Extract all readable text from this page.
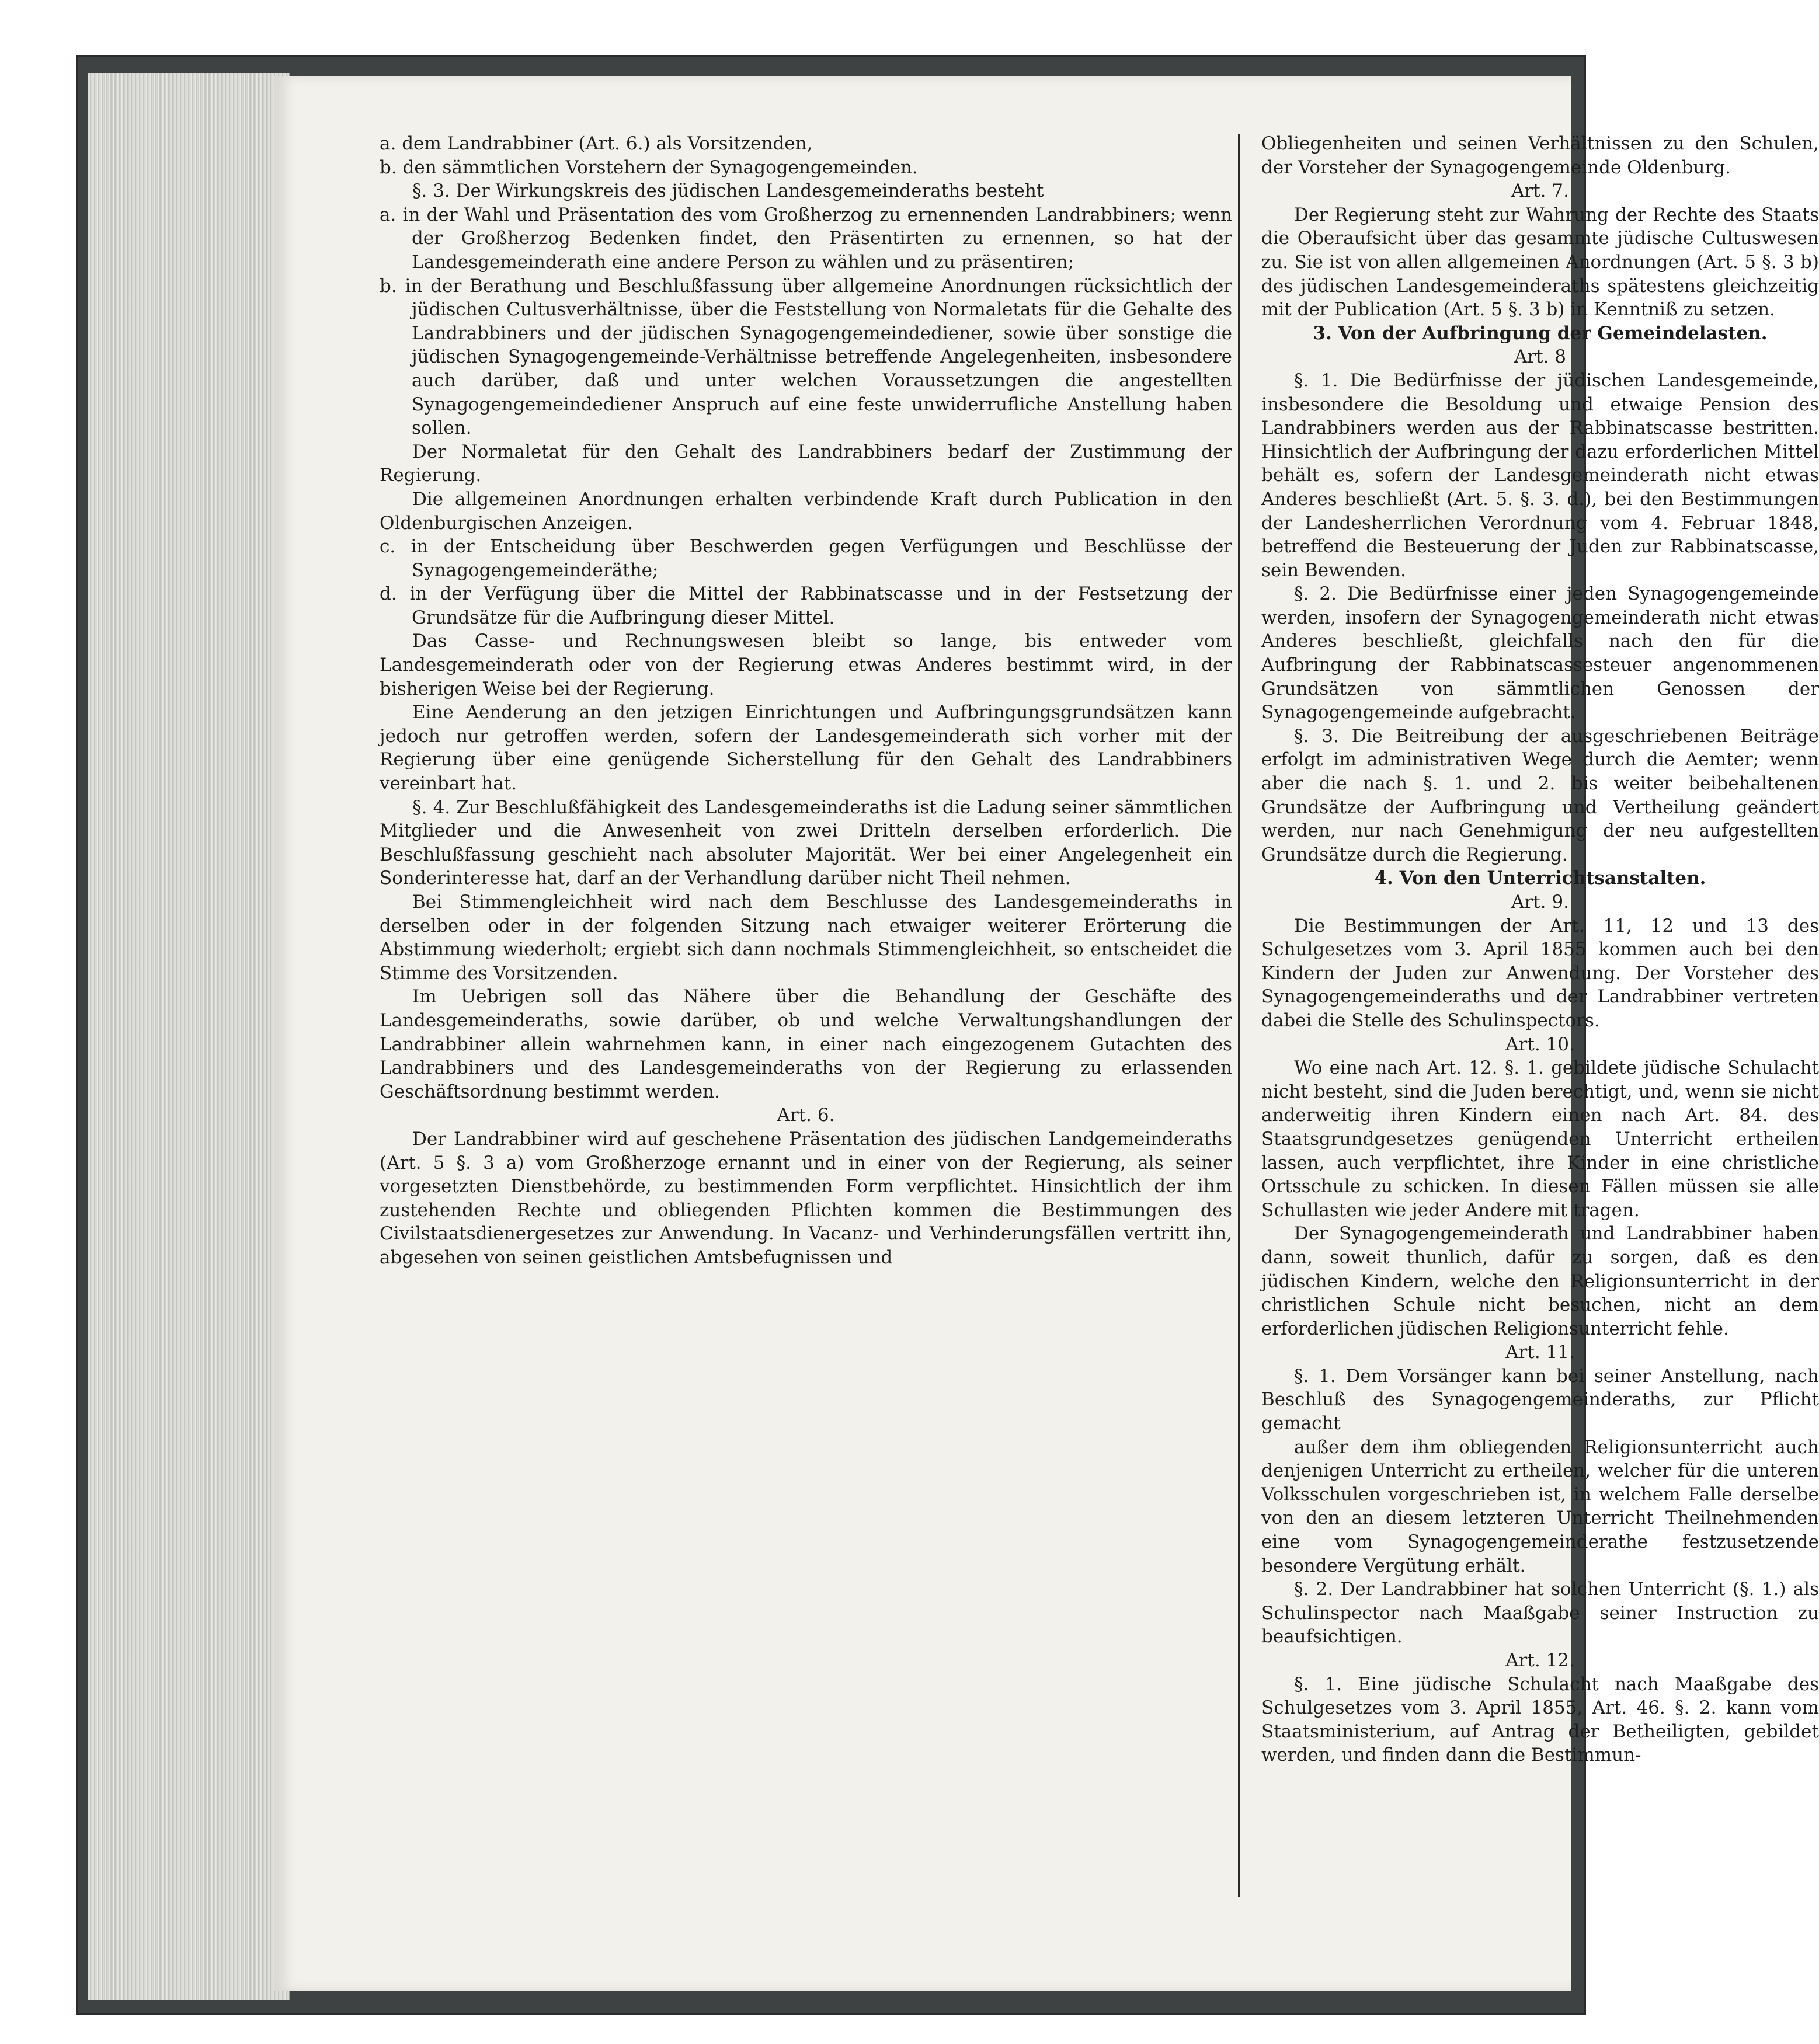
a. dem Landrabbiner (Art. 6.) als Vorsitzenden,

b. den sämmtlichen Vorstehern der Synagogengemeinden.

§. 3. Der Wirkungskreis des jüdischen Landesgemeinderaths besteht

a. in der Wahl und Präsentation des vom Großherzog zu ernennenden Landrabbiners; wenn der Großherzog Bedenken findet, den Präsentirten zu ernennen, so hat der Landesgemeinderath eine andere Person zu wählen und zu präsentiren;

b. in der Berathung und Beschlußfassung über allgemeine Anordnungen rücksichtlich der jüdischen Cultusverhältnisse, über die Feststellung von Normaletats für die Gehalte des Landrabbiners und der jüdischen Synagogengemeindediener, sowie über sonstige die jüdischen Synagogengemeinde-Verhältnisse betreffende Angelegenheiten, insbesondere auch darüber, daß und unter welchen Voraussetzungen die angestellten Synagogengemeindediener Anspruch auf eine feste unwiderrufliche Anstellung haben sollen.

Der Normaletat für den Gehalt des Landrabbiners bedarf der Zustimmung der Regierung.

Die allgemeinen Anordnungen erhalten verbindende Kraft durch Publication in den Oldenburgischen Anzeigen.

c. in der Entscheidung über Beschwerden gegen Verfügungen und Beschlüsse der Synagogengemeinderäthe;

d. in der Verfügung über die Mittel der Rabbinatscasse und in der Festsetzung der Grundsätze für die Aufbringung dieser Mittel.

Das Casse- und Rechnungswesen bleibt so lange, bis entweder vom Landesgemeinderath oder von der Regierung etwas Anderes bestimmt wird, in der bisherigen Weise bei der Regierung.

Eine Aenderung an den jetzigen Einrichtungen und Aufbringungsgrundsätzen kann jedoch nur getroffen werden, sofern der Landesgemeinderath sich vorher mit der Regierung über eine genügende Sicherstellung für den Gehalt des Landrabbiners vereinbart hat.

§. 4. Zur Beschlußfähigkeit des Landesgemeinderaths ist die Ladung seiner sämmtlichen Mitglieder und die Anwesenheit von zwei Dritteln derselben erforderlich. Die Beschlußfassung geschieht nach absoluter Majorität. Wer bei einer Angelegenheit ein Sonderinteresse hat, darf an der Verhandlung darüber nicht Theil nehmen.

Bei Stimmengleichheit wird nach dem Beschlusse des Landesgemeinderaths in derselben oder in der folgenden Sitzung nach etwaiger weiterer Erörterung die Abstimmung wiederholt; ergiebt sich dann nochmals Stimmengleichheit, so entscheidet die Stimme des Vorsitzenden.

Im Uebrigen soll das Nähere über die Behandlung der Geschäfte des Landesgemeinderaths, sowie darüber, ob und welche Verwaltungshandlungen der Landrabbiner allein wahrnehmen kann, in einer nach eingezogenem Gutachten des Landrabbiners und des Landesgemeinderaths von der Regierung zu erlassenden Geschäftsordnung bestimmt werden.

Art. 6.

Der Landrabbiner wird auf geschehene Präsentation des jüdischen Landgemeinderaths (Art. 5 §. 3 a) vom Großherzoge ernannt und in einer von der Regierung, als seiner vorgesetzten Dienstbehörde, zu bestimmenden Form verpflichtet. Hinsichtlich der ihm zustehenden Rechte und obliegenden Pflichten kommen die Bestimmungen des Civilstaatsdienergesetzes zur Anwendung. In Vacanz- und Verhinderungsfällen vertritt ihn, abgesehen von seinen geistlichen Amtsbefugnissen und

Obliegenheiten und seinen Verhältnissen zu den Schulen, der Vorsteher der Synagogengemeinde Oldenburg.

Art. 7.

Der Regierung steht zur Wahrung der Rechte des Staats die Oberaufsicht über das gesammte jüdische Cultuswesen zu. Sie ist von allen allgemeinen Anordnungen (Art. 5 §. 3 b) des jüdischen Landesgemeinderaths spätestens gleichzeitig mit der Publication (Art. 5 §. 3 b) in Kenntniß zu setzen.

3. Von der Aufbringung der Gemeindelasten.

Art. 8

§. 1. Die Bedürfnisse der jüdischen Landesgemeinde, insbesondere die Besoldung und etwaige Pension des Landrabbiners werden aus der Rabbinatscasse bestritten. Hinsichtlich der Aufbringung der dazu erforderlichen Mittel behält es, sofern der Landesgemeinderath nicht etwas Anderes beschließt (Art. 5. §. 3. d.), bei den Bestimmungen der Landesherrlichen Verordnung vom 4. Februar 1848, betreffend die Besteuerung der Juden zur Rabbinatscasse, sein Bewenden.

§. 2. Die Bedürfnisse einer jeden Synagogengemeinde werden, insofern der Synagogengemeinderath nicht etwas Anderes beschließt, gleichfalls nach den für die Aufbringung der Rabbinatscassesteuer angenommenen Grundsätzen von sämmtlichen Genossen der Synagogengemeinde aufgebracht.

§. 3. Die Beitreibung der ausgeschriebenen Beiträge erfolgt im administrativen Wege durch die Aemter; wenn aber die nach §. 1. und 2. bis weiter beibehaltenen Grundsätze der Aufbringung und Vertheilung geändert werden, nur nach Genehmigung der neu aufgestellten Grundsätze durch die Regierung.

4. Von den Unterrichtsanstalten.

Art. 9.

Die Bestimmungen der Art. 11, 12 und 13 des Schulgesetzes vom 3. April 1855 kommen auch bei den Kindern der Juden zur Anwendung. Der Vorsteher des Synagogengemeinderaths und der Landrabbiner vertreten dabei die Stelle des Schulinspectors.

Art. 10.

Wo eine nach Art. 12. §. 1. gebildete jüdische Schulacht nicht besteht, sind die Juden berechtigt, und, wenn sie nicht anderweitig ihren Kindern einen nach Art. 84. des Staatsgrundgesetzes genügenden Unterricht ertheilen lassen, auch verpflichtet, ihre Kinder in eine christliche Ortsschule zu schicken. In diesen Fällen müssen sie alle Schullasten wie jeder Andere mit tragen.

Der Synagogengemeinderath und Landrabbiner haben dann, soweit thunlich, dafür zu sorgen, daß es den jüdischen Kindern, welche den Religionsunterricht in der christlichen Schule nicht besuchen, nicht an dem erforderlichen jüdischen Religionsunterricht fehle.

Art. 11.

§. 1. Dem Vorsänger kann bei seiner Anstellung, nach Beschluß des Synagogengemeinderaths, zur Pflicht gemacht

außer dem ihm obliegenden Religionsunterricht auch denjenigen Unterricht zu ertheilen, welcher für die unteren Volksschulen vorgeschrieben ist, in welchem Falle derselbe von den an diesem letzteren Unterricht Theilnehmenden eine vom Synagogengemeinderathe festzusetzende besondere Vergütung erhält.

§. 2. Der Landrabbiner hat solchen Unterricht (§. 1.) als Schulinspector nach Maaßgabe seiner Instruction zu beaufsichtigen.

Art. 12.

§. 1. Eine jüdische Schulacht nach Maaßgabe des Schulgesetzes vom 3. April 1855, Art. 46. §. 2. kann vom Staatsministerium, auf Antrag der Betheiligten, gebildet werden, und finden dann die Bestimmun-
